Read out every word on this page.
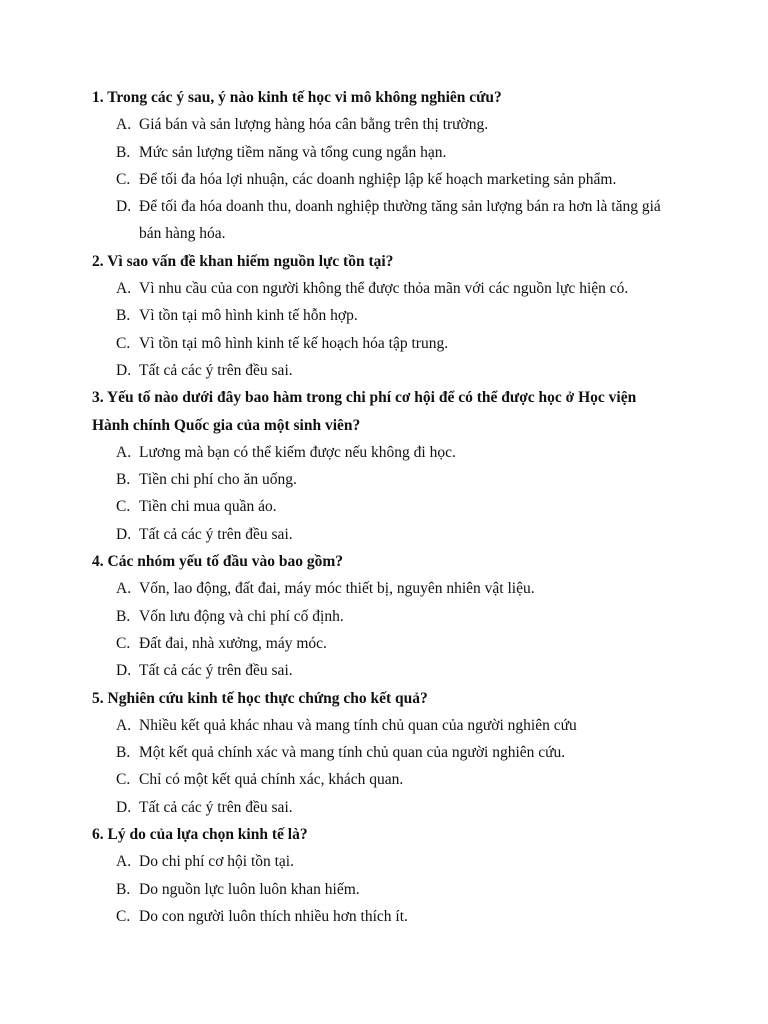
1. Trong các ý sau, ý nào kinh tế học vi mô không nghiên cứu?
A. Giá bán và sản lượng hàng hóa cân bằng trên thị trường.
B. Mức sản lượng tiềm năng và tổng cung ngắn hạn.
C. Để tối đa hóa lợi nhuận, các doanh nghiệp lập kế hoạch marketing sản phẩm.
D. Để tối đa hóa doanh thu, doanh nghiệp thường tăng sản lượng bán ra hơn là tăng giá bán hàng hóa.
2. Vì sao vấn đề khan hiếm nguồn lực tồn tại?
A. Vì nhu cầu của con người không thể được thỏa mãn với các nguồn lực hiện có.
B. Vì tồn tại mô hình kinh tế hỗn hợp.
C. Vì tồn tại mô hình kinh tế kế hoạch hóa tập trung.
D. Tất cả các ý trên đều sai.
3. Yếu tố nào dưới đây bao hàm trong chi phí cơ hội để có thể được học ở Học viện Hành chính Quốc gia của một sinh viên?
A. Lương mà bạn có thể kiếm được nếu không đi học.
B. Tiền chi phí cho ăn uống.
C. Tiền chi mua quần áo.
D. Tất cả các ý trên đều sai.
4. Các nhóm yếu tố đầu vào bao gồm?
A. Vốn, lao động, đất đai, máy móc thiết bị, nguyên nhiên vật liệu.
B. Vốn lưu động và chi phí cố định.
C. Đất đai, nhà xưởng, máy móc.
D. Tất cả các ý trên đều sai.
5. Nghiên cứu kinh tế học thực chứng cho kết quả?
A. Nhiều kết quả khác nhau và mang tính chủ quan của người nghiên cứu
B. Một kết quả chính xác và mang tính chủ quan của người nghiên cứu.
C. Chỉ có một kết quả chính xác, khách quan.
D. Tất cả các ý trên đều sai.
6. Lý do của lựa chọn kinh tế là?
A. Do chi phí cơ hội tồn tại.
B. Do nguồn lực luôn luôn khan hiếm.
C. Do con người luôn thích nhiều hơn thích ít.
